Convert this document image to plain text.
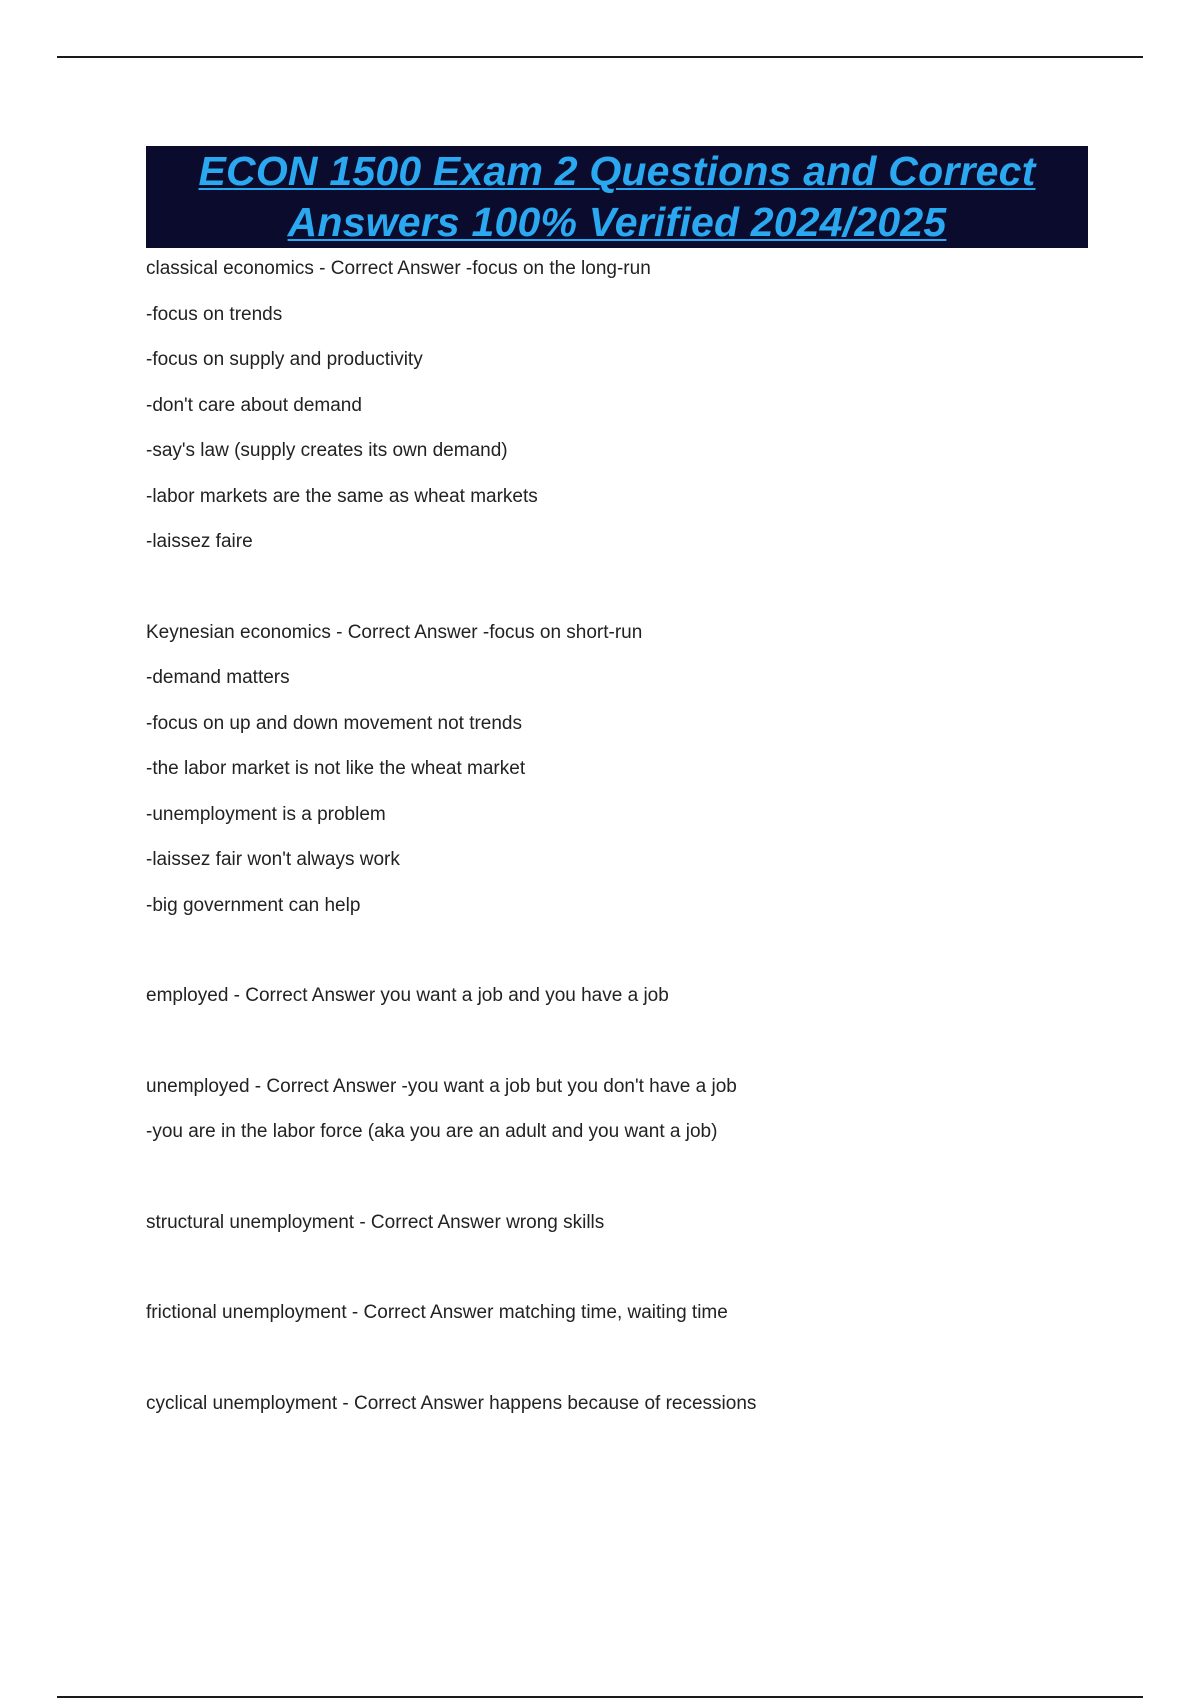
ECON 1500 Exam 2 Questions and Correct
Answers 100% Verified 2024/2025
classical economics - Correct Answer -focus on the long-run
-focus on trends
-focus on supply and productivity
-don't care about demand
-say's law (supply creates its own demand)
-labor markets are the same as wheat markets
-laissez faire
Keynesian economics - Correct Answer -focus on short-run
-demand matters
-focus on up and down movement not trends
-the labor market is not like the wheat market
-unemployment is a problem
-laissez fair won't always work
-big government can help
employed - Correct Answer you want a job and you have a job
unemployed - Correct Answer -you want a job but you don't have a job
-you are in the labor force (aka you are an adult and you want a job)
structural unemployment - Correct Answer wrong skills
frictional unemployment - Correct Answer matching time, waiting time
cyclical unemployment - Correct Answer happens because of recessions
